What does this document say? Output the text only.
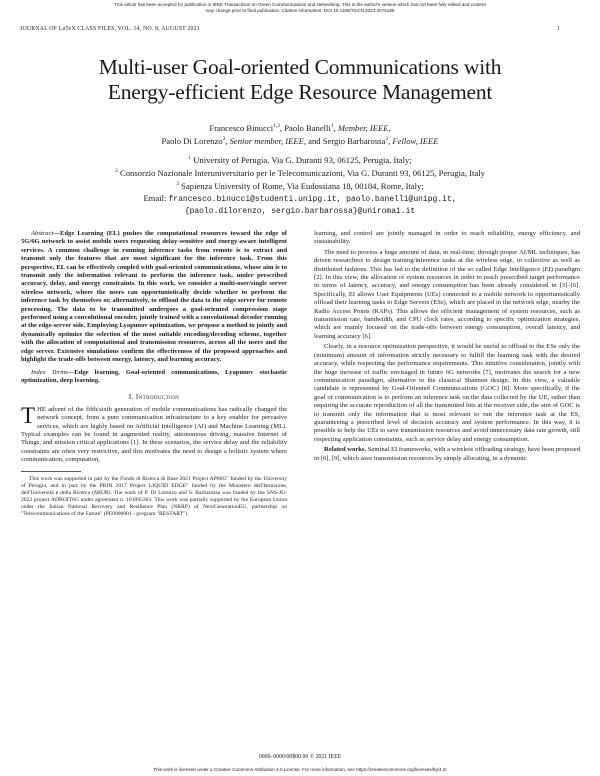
This article has been accepted for publication in IEEE Transactions on Green Communications and Networking. This is the author's version which has not been fully edited and content may change prior to final publication. Citation information: DOI 10.1109/TGCN.2023.3275199
JOURNAL OF LaTeX CLASS FILES, VOL. 14, NO. 8, AUGUST 2021	1
Multi-user Goal-oriented Communications with
Energy-efficient Edge Resource Management
Francesco Binucci$^{1,2}$, Paolo Banelli$^1$, Member, IEEE,
Paolo Di Lorenzo$^3$, Senior member, IEEE, and Sergio Barbarossa$^3$, Fellow, IEEE
$^1$ University of Perugia, Via G. Duranti 93, 06125, Perugia, Italy;
$^2$ Consorzio Nazionale Interuniversitario per le Telecomunicazioni, Via G. Duranti 93, 06125, Perugia, Italy
$^3$ Sapienza University of Rome, Via Eudossiana 18, 00184, Rome, Italy;
Email: francesco.binucci@studenti.unipg.it, paolo.banelli@unipg.it,
{paolo.dilorenzo, sergio.barbarossa}@uniroma1.it

Abstract—Edge Learning (EL) pushes the computational resources toward the edge of 5G/6G network to assist mobile users requesting delay-sensitive and energy-aware intelligent services. A common challenge in running inference tasks from remote is to extract and transmit only the features that are most significant for the inference task. From this perspective, EL can be effectively coupled with goal-oriented communications, whose aim is to transmit only the information relevant to perform the inference task, under prescribed accuracy, delay, and energy constraints. In this work, we consider a multi-user/single server wireless network, where the users can opportunistically decide whether to perform the inference task by themselves or, alternatively, to offload the data to the edge server for remote processing. The data to be transmitted undergoes a goal-oriented compression stage performed using a convolutional encoder, jointly trained with a convolutional decoder running at the edge-server side. Employing Lyapunov optimization, we propose a method to jointly and dynamically optimize the selection of the most suitable encoding/decoding scheme, together with the allocation of computational and transmission resources, across all the users and the edge server. Extensive simulations confirm the effectiveness of the proposed approaches and highlight the trade-offs between energy, latency, and learning accuracy.

Index Terms—Edge learning, Goal-oriented communications, Lyapunov stochastic optimization, deep learning.

I. Introduction

THE advent of the fifth/sixth generation of mobile communications has radically changed the network concept, from a pure communication infrastructure to a key enabler for pervasive services, which are highly based on Artificial Intelligence (AI) and Machine Learning (ML). Typical examples can be found in augmented reality, autonomous driving, massive Internet of Things, and mission critical applications [1]. In these scenarios, the service delay and the reliability constraints are often very restrictive, and this motivates the need to design a holistic system where communication, computation,

This work was supported in part by the Fondo di Ricerca di Base 2021 Project AP66G" funded by the University of Perugia, and in part by the PRIN 2017 Project LIQUID EDGE" funded by the Ministero dell'Istruzione, dell'Università e della Ricerca (MIUR). The work of P. Di Lorenzo and S. Barbarossa was funded by the SNS-JU-2022 project ADROIT6G under agreement n. 101095363. This work was partially supported by the European Union under the Italian National Recovery and Resilience Plan (NRRP) of NextGenerationEU, partnership on "Telecommunications of the Future" (PE0000001 - program "RESTART").

learning, and control are jointly managed in order to reach reliability, energy efficiency, and sustainability.

The need to process a huge amount of data, in real-time, through proper AI/ML techniques, has driven researchers to design training/inference tasks at the wireless edge, in collective as well as distributed fashions. This has led to the definition of the so called Edge Intelligence (EI) paradigm [2]. In this view, the allocation of system resources in order to reach prescribed target performance in terms of latency, accuracy, and energy consumption has been already considered in [3]–[6]. Specifically, EI allows User Equipments (UEs) connected to a mobile network to opportunistically offload their learning tasks to Edge Servers (ESs), which are placed in the network edge, nearby the Radio Access Points (RAPs). This allows the efficient management of system resources, such as transmission rate, bandwidth, and CPU clock rates, according to specific optimization strategies, which are mainly focused on the trade-offs between energy consumption, overall latency, and learning accuracy [6].

Clearly, in a resource optimization perspective, it would be useful to offload to the ESs only the (minimum) amount of information strictly necessary to fulfill the learning task with the desired accuracy, while respecting the performance requirements. This intuitive consideration, jointly with the huge increase of traffic envisaged in future 6G networks [7], motivates the search for a new communication paradigm, alternative to the classical Shannon design. In this view, a valuable candidate is represented by Goal-Oriented Communications (GOC) [8]. More specifically, if the goal of communication is to perform an inference task on the data collected by the UE, rather than requiring the accurate reproduction of all the transmitted bits at the receiver side, the aim of GOC is to transmit only the information that is most relevant to run the inference task at the ES, guaranteeing a prescribed level of decision accuracy and system performance. In this way, it is possible to help the UEs to save transmission resources and avoid unnecessary data rate growth, still respecting application constraints, such as service delay and energy consumption.

Related works. Seminal EI frameworks, with a wireless offloading strategy, have been proposed in [6], [9], which save transmission resources by simply allocating, in a dynamic

0000–0000/00$00.00 © 2021 IEEE
This work is licensed under a Creative Commons Attribution 4.0 License. For more information, see https://creativecommons.org/licenses/by/4.0/
